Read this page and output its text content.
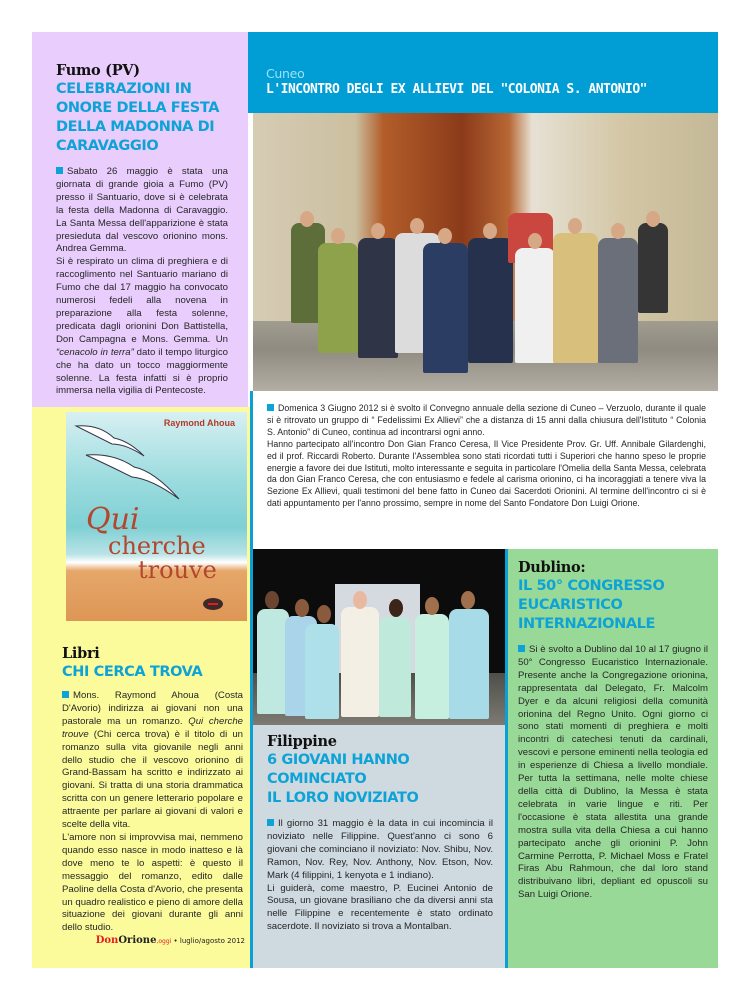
Fumo (PV)
CELEBRAZIONI IN
ONORE DELLA FESTA
DELLA MADONNA DI
CARAVAGGIO

Sabato 26 maggio è stata una giornata di grande gioia a Fumo (PV) presso il Santuario, dove si è celebrata la festa della Madonna di Caravaggio. La Santa Messa dell'apparizione è stata presieduta dal vescovo orionino mons. Andrea Gemma.

Si è respirato un clima di preghiera e di raccoglimento nel Santuario mariano di Fumo che dal 17 maggio ha convocato numerosi fedeli alla novena in preparazione alla festa solenne, predicata dagli orionini Don Battistella, Don Campagna e Mons. Gemma. Un “cenacolo in terra” dato il tempo liturgico che ha dato un tocco maggiormente solenne. La festa infatti si è proprio immersa nella vigilia di Pentecoste.

Raymond Ahoua
Qui
cherche
trouve
Libri
CHI CERCA TROVA

Mons. Raymond Ahoua (Costa D'Avorio) indirizza ai giovani non una pastorale ma un romanzo. Qui cherche trouve (Chi cerca trova) è il titolo di un romanzo sulla vita giovanile negli anni dello studio che il vescovo orionino di Grand-Bassam ha scritto e indirizzato ai giovani. Si tratta di una storia drammatica scritta con un genere letterario popolare e attraente per parlare ai giovani di valori e scelte della vita.

L'amore non si improvvisa mai, nemmeno quando esso nasce in modo inatteso e là dove meno te lo aspetti: è questo il messaggio del romanzo, edito dalle Paoline della Costa d'Avorio, che presenta un quadro realistico e pieno di amore della situazione dei giovani durante gli anni dello studio.

DonOrione,oggi • luglio/agosto 2012
Cuneo
L'INCONTRO DEGLI EX ALLIEVI DEL "COLONIA S. ANTONIO"

Domenica 3 Giugno 2012 si è svolto il Convegno annuale della sezione di Cuneo – Verzuolo, durante il quale si è ritrovato un gruppo di “ Fedelissimi Ex Allievi” che a distanza di 15 anni dalla chiusura dell'Istituto “ Colonia S. Antonio” di Cuneo, continua ad incontrarsi ogni anno.

Hanno partecipato all'incontro Don Gian Franco Ceresa, Il Vice Presidente Prov. Gr. Uff. Annibale Gilardenghi, ed il prof. Riccardi Roberto. Durante l'Assemblea sono stati ricordati tutti i Superiori che hanno speso le proprie energie a favore dei due Istituti, molto interessante e seguita in particolare l'Omelia della Santa Messa, celebrata da don Gian Franco Ceresa, che con entusiasmo e fedele al carisma orionino, ci ha incoraggiati a tenere viva la Sezione Ex Allievi, quali testimoni del bene fatto in Cuneo dai Sacerdoti Orionini. Al termine dell'incontro ci si è dati appuntamento per l'anno prossimo, sempre in nome del Santo Fondatore Don Luigi Orione.

Filippine
6 GIOVANI HANNO
COMINCIATO
IL LORO NOVIZIATO

Il giorno 31 maggio è la data in cui incomincia il noviziato nelle Filippine. Quest'anno ci sono 6 giovani che cominciano il noviziato: Nov. Shibu, Nov. Ramon, Nov. Rey, Nov. Anthony, Nov. Etson, Nov. Mark (4 filippini, 1 kenyota e 1 indiano).

Li guiderà, come maestro, P. Eucinei Antonio de Sousa, un giovane brasiliano che da diversi anni sta nelle Filippine e recentemente è stato ordinato sacerdote. Il noviziato si trova a Montalban.

Dublino:
IL 50° CONGRESSO
EUCARISTICO
INTERNAZIONALE

Si è svolto a Dublino dal 10 al 17 giugno il 50° Congresso Eucaristico Internazionale. Presente anche la Congregazione orionina, rappresentata dal Delegato, Fr. Malcolm Dyer e da alcuni religiosi della comunità orionina del Regno Unito. Ogni giorno ci sono stati momenti di preghiera e molti incontri di catechesi tenuti da cardinali, vescovi e persone eminenti nella teologia ed in esperienze di Chiesa a livello mondiale. Per tutta la settimana, nelle molte chiese della città di Dublino, la Messa è stata celebrata in varie lingue e riti. Per l'occasione è stata allestita una grande mostra sulla vita della Chiesa a cui hanno partecipato anche gli orionini P. John Carmine Perrotta, P. Michael Moss e Fratel Firas Abu Rahmoun, che dal loro stand distribuivano libri, depliant ed opuscoli su San Luigi Orione.
